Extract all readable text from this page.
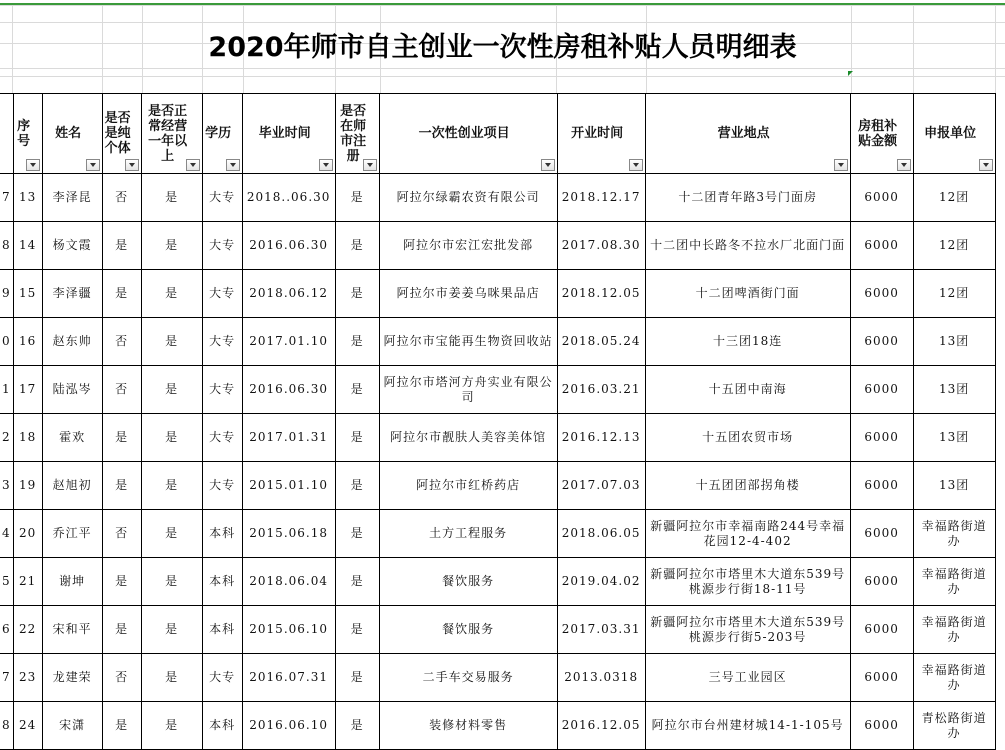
2020年师市自主创业一次性房租补贴人员明细表

	序号	姓名	是否是纯个体	是否正常经营一年以上	学历	毕业时间	是否在师市注册	一次性创业项目	开业时间	营业地点	房租补贴金额	申报单位

7	13	李泽昆	否	是	大专	2018..06.30	是	阿拉尔绿霸农资有限公司	2018.12.17	十二团青年路3号门面房	6000	12团
8	14	杨文霞	是	是	大专	2016.06.30	是	阿拉尔市宏江宏批发部	2017.08.30	十二团中长路冬不拉水厂北面门面	6000	12团
9	15	李泽疆	是	是	大专	2018.06.12	是	阿拉尔市姜姜乌咪果品店	2018.12.05	十二团啤酒街门面	6000	12团
0	16	赵东帅	否	是	大专	2017.01.10	是	阿拉尔市宝能再生物资回收站	2018.05.24	十三团18连	6000	13团
1	17	陆泓岑	否	是	大专	2016.06.30	是	阿拉尔市塔河方舟实业有限公司	2016.03.21	十五团中南海	6000	13团
2	18	霍欢	是	是	大专	2017.01.31	是	阿拉尔市靓肤人美容美体馆	2016.12.13	十五团农贸市场	6000	13团
3	19	赵旭初	是	是	大专	2015.01.10	是	阿拉尔市红桥药店	2017.07.03	十五团团部拐角楼	6000	13团
4	20	乔江平	否	是	本科	2015.06.18	是	土方工程服务	2018.06.05	新疆阿拉尔市幸福南路244号幸福花园12-4-402	6000	幸福路街道办
5	21	谢坤	是	是	本科	2018.06.04	是	餐饮服务	2019.04.02	新疆阿拉尔市塔里木大道东539号桃源步行街18-11号	6000	幸福路街道办
6	22	宋和平	是	是	本科	2015.06.10	是	餐饮服务	2017.03.31	新疆阿拉尔市塔里木大道东539号桃源步行街5-203号	6000	幸福路街道办
7	23	龙建荣	否	是	大专	2016.07.31	是	二手车交易服务	2013.0318	三号工业园区	6000	幸福路街道办
8	24	宋潇	是	是	本科	2016.06.10	是	装修材料零售	2016.12.05	阿拉尔市台州建材城14-1-105号	6000	青松路街道办
